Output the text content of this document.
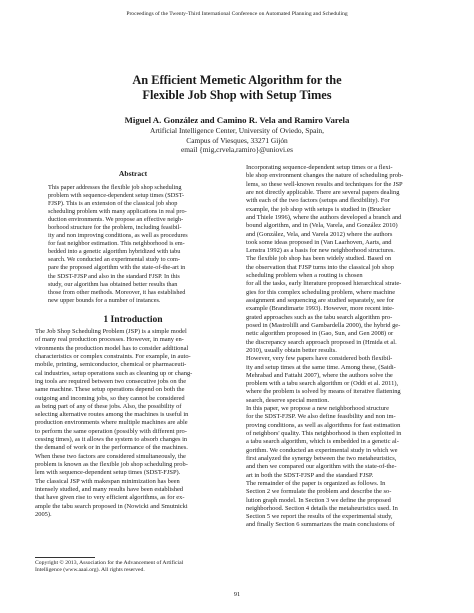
Proceedings of the Twenty-Third International Conference on Automated Planning and Scheduling
An Efficient Memetic Algorithm for the
Flexible Job Shop with Setup Times
Miguel A. González and Camino R. Vela and Ramiro Varela
Artificial Intelligence Center, University of Oviedo, Spain,
Campus of Viesques, 33271 Gijón
email {mig,crvela,ramiro}@uniovi.es
Abstract
This paper addresses the flexible job shop scheduling
problem with sequence-dependent setup times (SDST-
FJSP). This is an extension of the classical job shop
scheduling problem with many applications in real pro-
duction environments. We propose an effective neigh-
borhood structure for the problem, including feasibil-
ity and non improving conditions, as well as procedures
for fast neighbor estimation. This neighborhood is em-
bedded into a genetic algorithm hybridized with tabu
search. We conducted an experimental study to com-
pare the proposed algorithm with the state-of-the-art in
the SDST-FJSP and also in the standard FJSP. In this
study, our algorithm has obtained better results than
those from other methods. Moreover, it has established
new upper bounds for a number of instances.
1 Introduction
The Job Shop Scheduling Problem (JSP) is a simple model
of many real production processes. However, in many en-
vironments the production model has to consider additional
characteristics or complex constraints. For example, in auto-
mobile, printing, semiconductor, chemical or pharmaceuti-
cal industries, setup operations such as cleaning up or chang-
ing tools are required between two consecutive jobs on the
same machine. These setup operations depend on both the
outgoing and incoming jobs, so they cannot be considered
as being part of any of these jobs. Also, the possibility of
selecting alternative routes among the machines is useful in
production environments where multiple machines are able
to perform the same operation (possibly with different pro-
cessing times), as it allows the system to absorb changes in
the demand of work or in the performance of the machines.
When these two factors are considered simultaneously, the
problem is known as the flexible job shop scheduling prob-
lem with sequence-dependent setup times (SDST-FJSP).
The classical JSP with makespan minimization has been
intensely studied, and many results have been established
that have given rise to very efficient algorithms, as for ex-
ample the tabu search proposed in (Nowicki and Smutnicki
2005).
Copyright © 2013, Association for the Advancement of Artificial
Intelligence (www.aaai.org). All rights reserved.
Incorporating sequence-dependent setup times or a flexi-
ble shop environment changes the nature of scheduling prob-
lems, so these well-known results and techniques for the JSP
are not directly applicable. There are several papers dealing
with each of the two factors (setups and flexibility). For
example, the job shop with setups is studied in (Brucker
and Thiele 1996), where the authors developed a branch and
bound algorithm, and in (Vela, Varela, and González 2010)
and (González, Vela, and Varela 2012) where the authors
took some ideas proposed in (Van Laarhoven, Aarts, and
Lenstra 1992) as a basis for new neighborhood structures.
The flexible job shop has been widely studied. Based on
the observation that FJSP turns into the classical job shop
scheduling problem when a routing is chosen
for all the tasks, early literature proposed hierarchical strate-
gies for this complex scheduling problem, where machine
assignment and sequencing are studied separately, see for
example (Brandimarte 1993). However, more recent inte-
grated approaches such as the tabu search algorithm pro-
posed in (Mastrolilli and Gambardella 2000), the hybrid ge-
netic algorithm proposed in (Gao, Sun, and Gen 2008) or
the discrepancy search approach proposed in (Hmida et al.
2010), usually obtain better results.
However, very few papers have considered both flexibil-
ity and setup times at the same time. Among these, (Saidi-
Mehrabad and Fattahi 2007), where the authors solve the
problem with a tabu search algorithm or (Oddi et al. 2011),
where the problem is solved by means of iterative flattening
search, deserve special mention.
In this paper, we propose a new neighborhood structure
for the SDST-FJSP. We also define feasibility and non im-
proving conditions, as well as algorithms for fast estimation
of neighbors' quality. This neighborhood is then exploited in
a tabu search algorithm, which is embedded in a genetic al-
gorithm. We conducted an experimental study in which we
first analyzed the synergy between the two metaheuristics,
and then we compared our algorithm with the state-of-the-
art in both the SDST-FJSP and the standard FJSP.
The remainder of the paper is organized as follows. In
Section 2 we formulate the problem and describe the so-
lution graph model. In Section 3 we define the proposed
neighborhood. Section 4 details the metaheuristics used. In
Section 5 we report the results of the experimental study,
and finally Section 6 summarizes the main conclusions of
91
